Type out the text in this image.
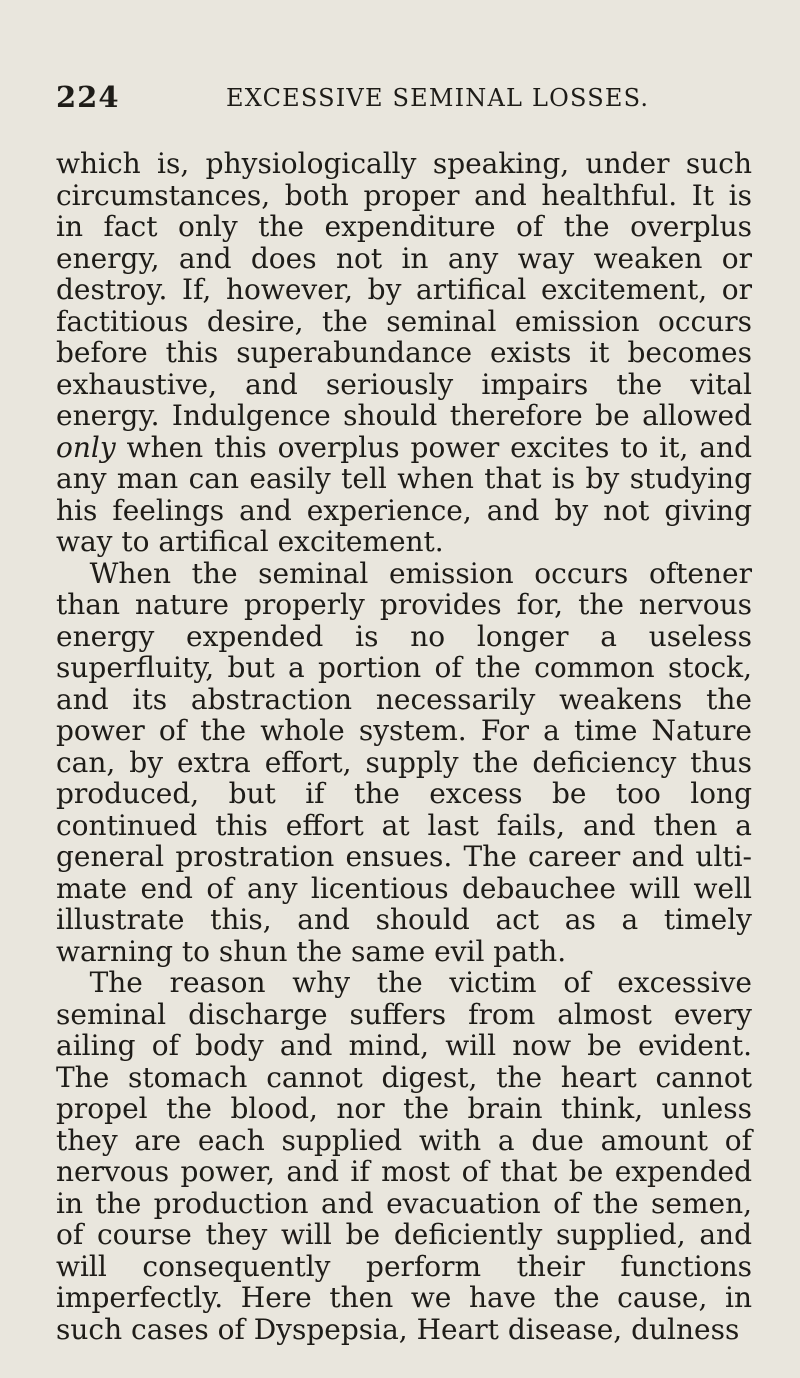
224	EXCESSIVE SEMINAL LOSSES.

which is, physiologically speaking, under such circumstances, both proper and healthful. It is in fact only the expenditure of the overplus energy, and does not in any way weaken or destroy. If, however, by artifical excitement, or factitious desire, the seminal emission occurs before this superabundance exists it becomes exhaustive, and seriously impairs the vital energy. Indulgence should therefore be allowed only when this overplus power excites to it, and any man can easily tell when that is by studying his feelings and experience, and by not giving way to artifical excitement.

When the seminal emission occurs oftener than nature properly provides for, the nervous energy expended is no longer a useless superfluity, but a portion of the common stock, and its abstraction necessarily weakens the power of the whole system. For a time Nature can, by extra effort, supply the deficiency thus produced, but if the excess be too long continued this effort at last fails, and then a general prostration ensues. The career and ultimate end of any licentious debauchee will well illustrate this, and should act as a timely warning to shun the same evil path.

The reason why the victim of excessive seminal discharge suffers from almost every ailing of body and mind, will now be evident. The stomach cannot digest, the heart cannot propel the blood, nor the brain think, unless they are each supplied with a due amount of nervous power, and if most of that be expended in the production and evacuation of the semen, of course they will be deficiently supplied, and will consequently perform their functions imperfectly. Here then we have the cause, in such cases of Dyspepsia, Heart disease, dulness
